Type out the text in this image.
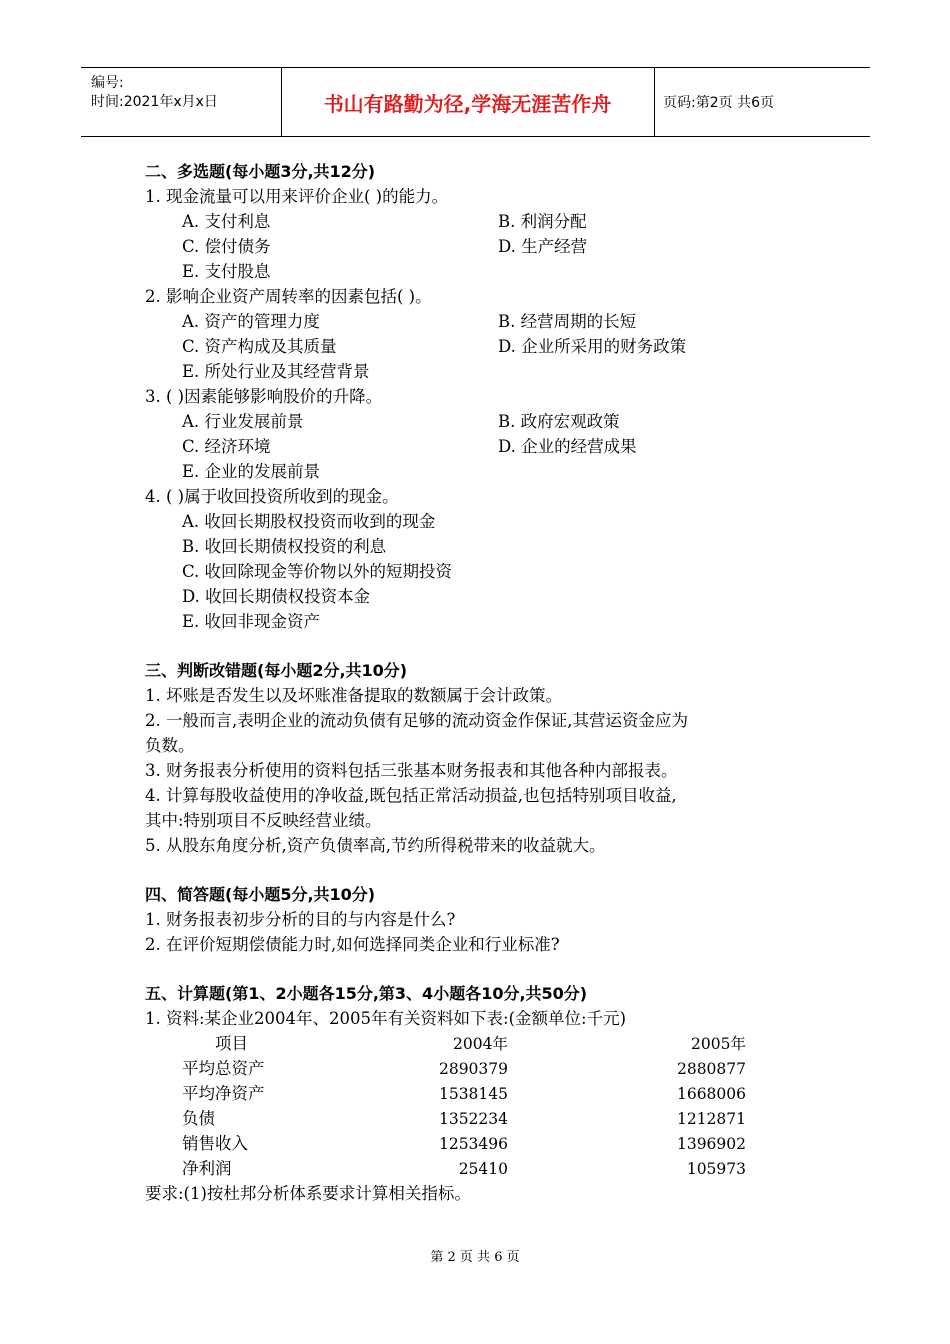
编号:
时间:2021年x月x日	书山有路勤为径,学海无涯苦作舟	页码:第2页 共6页
二、多选题(每小题3分,共12分)
1. 现金流量可以用来评价企业( )的能力。
A. 支付利息	B. 利润分配
C. 偿付债务	D. 生产经营
E. 支付股息
2. 影响企业资产周转率的因素包括( )。
A. 资产的管理力度	B. 经营周期的长短
C. 资产构成及其质量	D. 企业所采用的财务政策
E. 所处行业及其经营背景
3. ( )因素能够影响股价的升降。
A. 行业发展前景	B. 政府宏观政策
C. 经济环境	D. 企业的经营成果
E. 企业的发展前景
4. ( )属于收回投资所收到的现金。
A. 收回长期股权投资而收到的现金
B. 收回长期债权投资的利息
C. 收回除现金等价物以外的短期投资
D. 收回长期债权投资本金
E. 收回非现金资产
三、判断改错题(每小题2分,共10分)
1. 坏账是否发生以及坏账准备提取的数额属于会计政策。
2. 一般而言,表明企业的流动负债有足够的流动资金作保证,其营运资金应为
负数。
3. 财务报表分析使用的资料包括三张基本财务报表和其他各种内部报表。
4. 计算每股收益使用的净收益,既包括正常活动损益,也包括特别项目收益,
其中:特别项目不反映经营业绩。
5. 从股东角度分析,资产负债率高,节约所得税带来的收益就大。
四、简答题(每小题5分,共10分)
1. 财务报表初步分析的目的与内容是什么?
2. 在评价短期偿债能力时,如何选择同类企业和行业标准?
五、计算题(第1、2小题各15分,第3、4小题各10分,共50分)
1. 资料:某企业2004年、2005年有关资料如下表:(金额单位:千元)
项目	2004年	2005年
平均总资产	2890379	2880877
平均净资产	1538145	1668006
负债	1352234	1212871
销售收入	1253496	1396902
净利润	25410	105973
要求:(1)按杜邦分析体系要求计算相关指标。
第 2 页 共 6 页
